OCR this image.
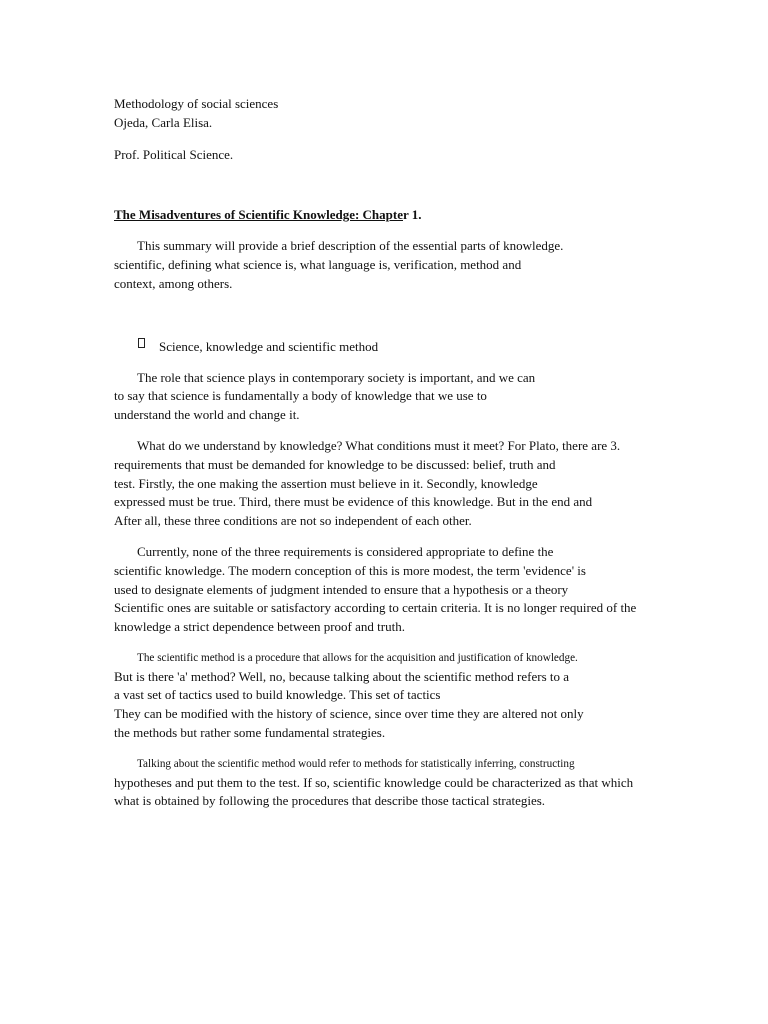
Methodology of social sciences

Ojeda, Carla Elisa.

Prof. Political Science.

The Misadventures of Scientific Knowledge: Chapter 1.

This summary will provide a brief description of the essential parts of knowledge.

scientific, defining what science is, what language is, verification, method and

context, among others.

Science, knowledge and scientific method

The role that science plays in contemporary society is important, and we can

to say that science is fundamentally a body of knowledge that we use to

understand the world and change it.

What do we understand by knowledge? What conditions must it meet? For Plato, there are 3.

requirements that must be demanded for knowledge to be discussed: belief, truth and

test. Firstly, the one making the assertion must believe in it. Secondly, knowledge

expressed must be true. Third, there must be evidence of this knowledge. But in the end and

After all, these three conditions are not so independent of each other.

Currently, none of the three requirements is considered appropriate to define the

scientific knowledge. The modern conception of this is more modest, the term 'evidence' is

used to designate elements of judgment intended to ensure that a hypothesis or a theory

Scientific ones are suitable or satisfactory according to certain criteria. It is no longer required of the

knowledge a strict dependence between proof and truth.

The scientific method is a procedure that allows for the acquisition and justification of knowledge.

But is there 'a' method? Well, no, because talking about the scientific method refers to a

a vast set of tactics used to build knowledge. This set of tactics

They can be modified with the history of science, since over time they are altered not only

the methods but rather some fundamental strategies.

Talking about the scientific method would refer to methods for statistically inferring, constructing

hypotheses and put them to the test. If so, scientific knowledge could be characterized as that which

what is obtained by following the procedures that describe those tactical strategies.
